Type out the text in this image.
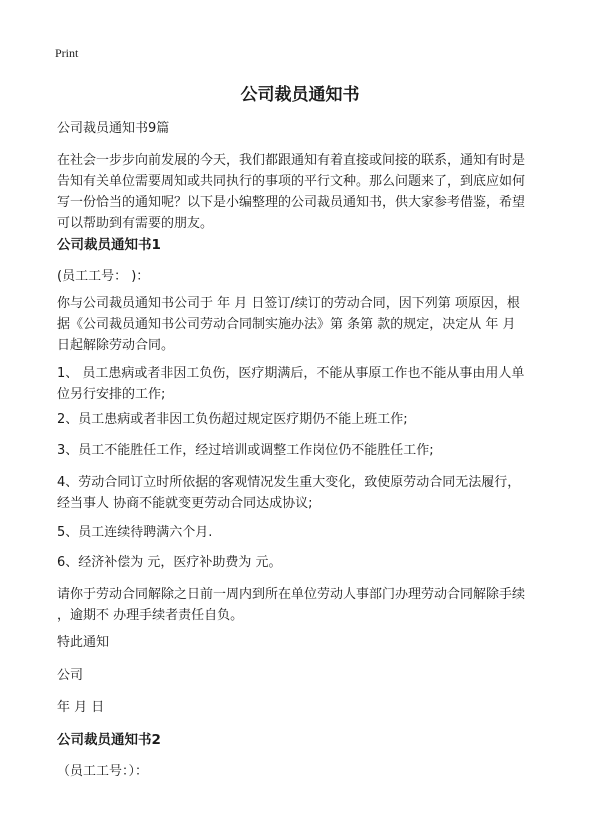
Print
公司裁员通知书
公司裁员通知书9篇
在社会一步步向前发展的今天，我们都跟通知有着直接或间接的联系，通知有时是
告知有关单位需要周知或共同执行的事项的平行文种。那么问题来了，到底应如何
写一份恰当的通知呢？以下是小编整理的公司裁员通知书，供大家参考借鉴，希望
可以帮助到有需要的朋友。
公司裁员通知书1
(员工工号： )：
你与公司裁员通知书公司于 年 月 日签订/续订的劳动合同，因下列第 项原因，根
据《公司裁员通知书公司劳动合同制实施办法》第 条第 款的规定，决定从 年 月
日起解除劳动合同。
1、 员工患病或者非因工负伤，医疗期满后，不能从事原工作也不能从事由用人单
位另行安排的工作;
2、员工患病或者非因工负伤超过规定医疗期仍不能上班工作;
3、员工不能胜任工作，经过培训或调整工作岗位仍不能胜任工作;
4、劳动合同订立时所依据的客观情况发生重大变化，致使原劳动合同无法履行，
经当事人 协商不能就变更劳动合同达成协议;
5、员工连续待聘满六个月.
6、经济补偿为 元，医疗补助费为 元。
请你于劳动合同解除之日前一周内到所在单位劳动人事部门办理劳动合同解除手续
，逾期不 办理手续者责任自负。
特此通知
公司
年 月 日
公司裁员通知书2
（员工工号：）：
